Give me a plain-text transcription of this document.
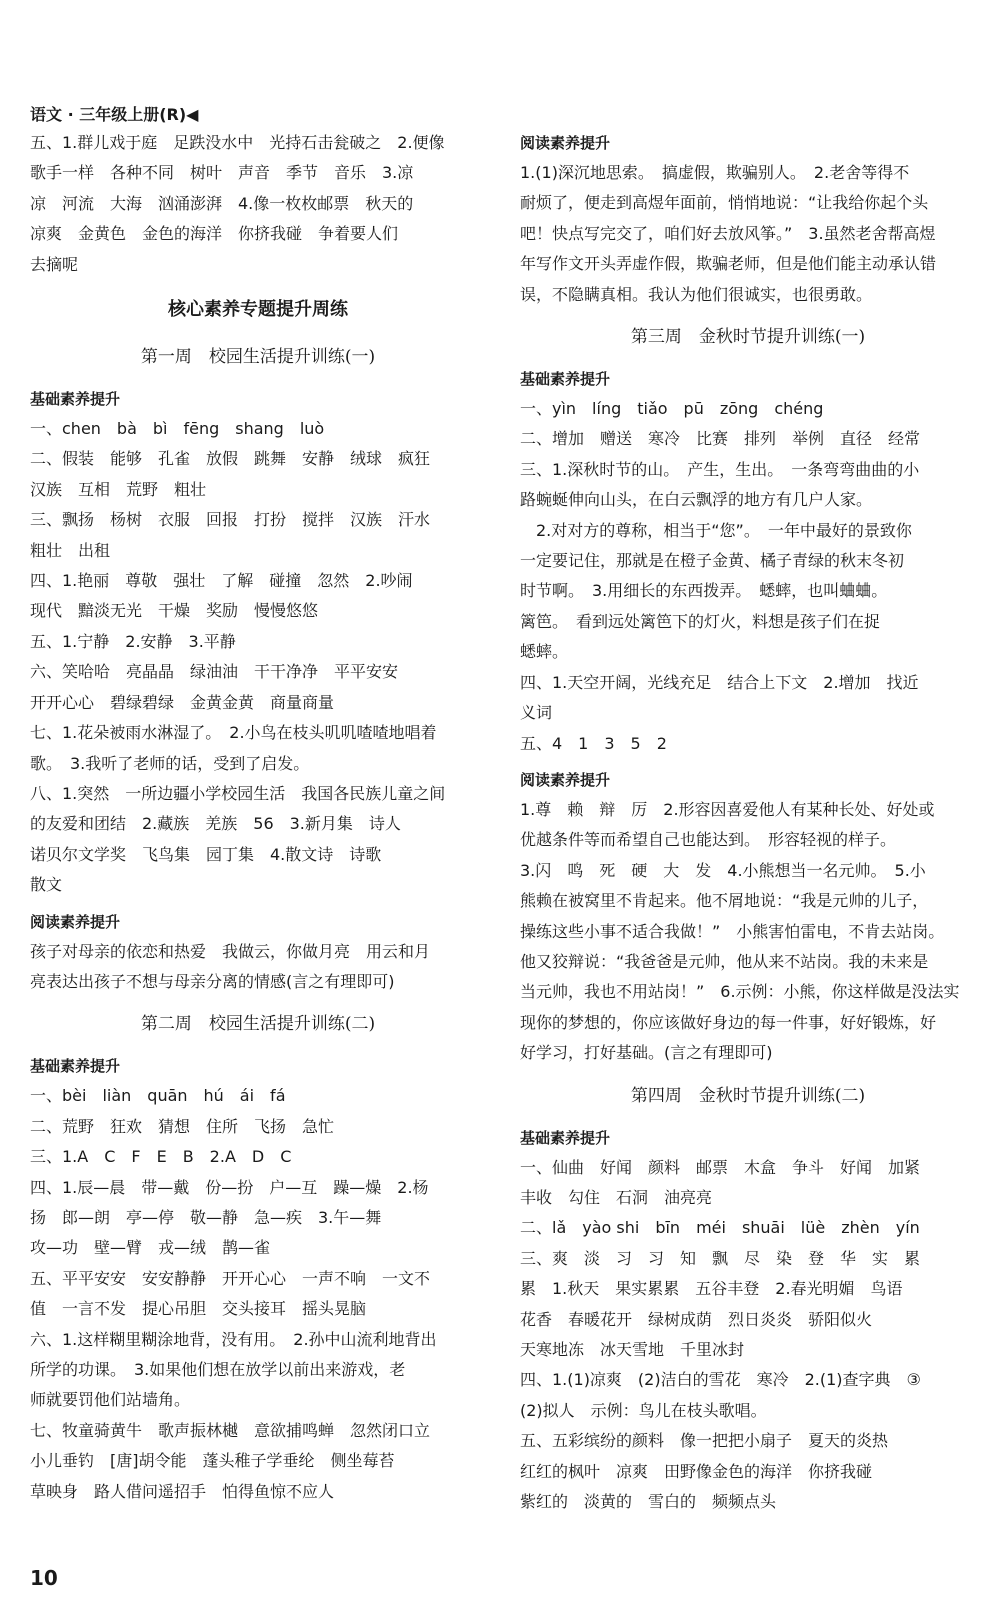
语文 · 三年级上册(R)◀
五、1.群儿戏于庭　足跌没水中　光持石击瓮破之　2.便像
歌手一样　各种不同　树叶　声音　季节　音乐　3.凉
凉　河流　大海　汹涌澎湃　4.像一枚枚邮票　秋天的
凉爽　金黄色　金色的海洋　你挤我碰　争着要人们
去摘呢
核心素养专题提升周练
第一周　校园生活提升训练(一)
基础素养提升
一、chen　bà　bì　fēng　shang　luò
二、假装　能够　孔雀　放假　跳舞　安静　绒球　疯狂
汉族　互相　荒野　粗壮
三、飘扬　杨树　衣服　回报　打扮　搅拌　汉族　汗水
粗壮　出租
四、1.艳丽　尊敬　强壮　了解　碰撞　忽然　2.吵闹
现代　黯淡无光　干燥　奖励　慢慢悠悠
五、1.宁静　2.安静　3.平静
六、笑哈哈　亮晶晶　绿油油　干干净净　平平安安
开开心心　碧绿碧绿　金黄金黄　商量商量
七、1.花朵被雨水淋湿了。　2.小鸟在枝头叽叽喳喳地唱着
歌。　3.我听了老师的话，受到了启发。
八、1.突然　一所边疆小学校园生活　我国各民族儿童之间
的友爱和团结　2.藏族　羌族　56　3.新月集　诗人
诺贝尔文学奖　飞鸟集　园丁集　4.散文诗　诗歌
散文
阅读素养提升
孩子对母亲的依恋和热爱　我做云，你做月亮　用云和月
亮表达出孩子不想与母亲分离的情感(言之有理即可)
第二周　校园生活提升训练(二)
基础素养提升
一、bèi　liàn　quān　hú　ái　fá
二、荒野　狂欢　猜想　住所　飞扬　急忙
三、1.A　C　F　E　B　2.A　D　C
四、1.辰—晨　带—戴　份—扮　户—互　躁—燥　2.杨
扬　郎—朗　亭—停　敬—静　急—疾　3.午—舞
攻—功　壁—臂　戎—绒　鹊—雀
五、平平安安　安安静静　开开心心　一声不响　一文不
值　一言不发　提心吊胆　交头接耳　摇头晃脑
六、1.这样糊里糊涂地背，没有用。　2.孙中山流利地背出
所学的功课。　3.如果他们想在放学以前出来游戏，老
师就要罚他们站墙角。
七、牧童骑黄牛　歌声振林樾　意欲捕鸣蝉　忽然闭口立
小儿垂钓　[唐]胡令能　蓬头稚子学垂纶　侧坐莓苔
草映身　路人借问遥招手　怕得鱼惊不应人
阅读素养提升
1.(1)深沉地思索。　搞虚假，欺骗别人。　2.老舍等得不
耐烦了，便走到高煜年面前，悄悄地说：“让我给你起个头
吧！快点写完交了，咱们好去放风筝。”　3.虽然老舍帮高煜
年写作文开头弄虚作假，欺骗老师，但是他们能主动承认错
误，不隐瞒真相。我认为他们很诚实，也很勇敢。
第三周　金秋时节提升训练(一)
基础素养提升
一、yìn　líng　tiǎo　pū　zōng　chéng
二、增加　赠送　寒冷　比赛　排列　举例　直径　经常
三、1.深秋时节的山。　产生，生出。　一条弯弯曲曲的小
路蜿蜒伸向山头，在白云飘浮的地方有几户人家。
　2.对对方的尊称，相当于“您”。　一年中最好的景致你
一定要记住，那就是在橙子金黄、橘子青绿的秋末冬初
时节啊。　3.用细长的东西拨弄。　蟋蟀，也叫蛐蛐。
篱笆。　看到远处篱笆下的灯火，料想是孩子们在捉
蟋蟀。
四、1.天空开阔，光线充足　结合上下文　2.增加　找近
义词
五、4　1　3　5　2
阅读素养提升
1.尊　赖　辩　厉　2.形容因喜爱他人有某种长处、好处或
优越条件等而希望自己也能达到。　形容轻视的样子。
3.闪　鸣　死　硬　大　发　4.小熊想当一名元帅。　5.小
熊赖在被窝里不肯起来。他不屑地说：“我是元帅的儿子，
操练这些小事不适合我做！”　小熊害怕雷电，不肯去站岗。
他又狡辩说：“我爸爸是元帅，他从来不站岗。我的未来是
当元帅，我也不用站岗！”　6.示例：小熊，你这样做是没法实
现你的梦想的，你应该做好身边的每一件事，好好锻炼，好
好学习，打好基础。(言之有理即可)
第四周　金秋时节提升训练(二)
基础素养提升
一、仙曲　好闻　颜料　邮票　木盒　争斗　好闻　加紧
丰收　勾住　石洞　油亮亮
二、lǎ　yào shi　bīn　méi　shuāi　lüè　zhèn　yín
三、爽　淡　习　习　知　飘　尽　染　登　华　实　累
累　1.秋天　果实累累　五谷丰登　2.春光明媚　鸟语
花香　春暖花开　绿树成荫　烈日炎炎　骄阳似火
天寒地冻　冰天雪地　千里冰封
四、1.(1)凉爽　(2)洁白的雪花　寒冷　2.(1)查字典　③
(2)拟人　示例：鸟儿在枝头歌唱。
五、五彩缤纷的颜料　像一把把小扇子　夏天的炎热
红红的枫叶　凉爽　田野像金色的海洋　你挤我碰
紫红的　淡黄的　雪白的　频频点头
10
